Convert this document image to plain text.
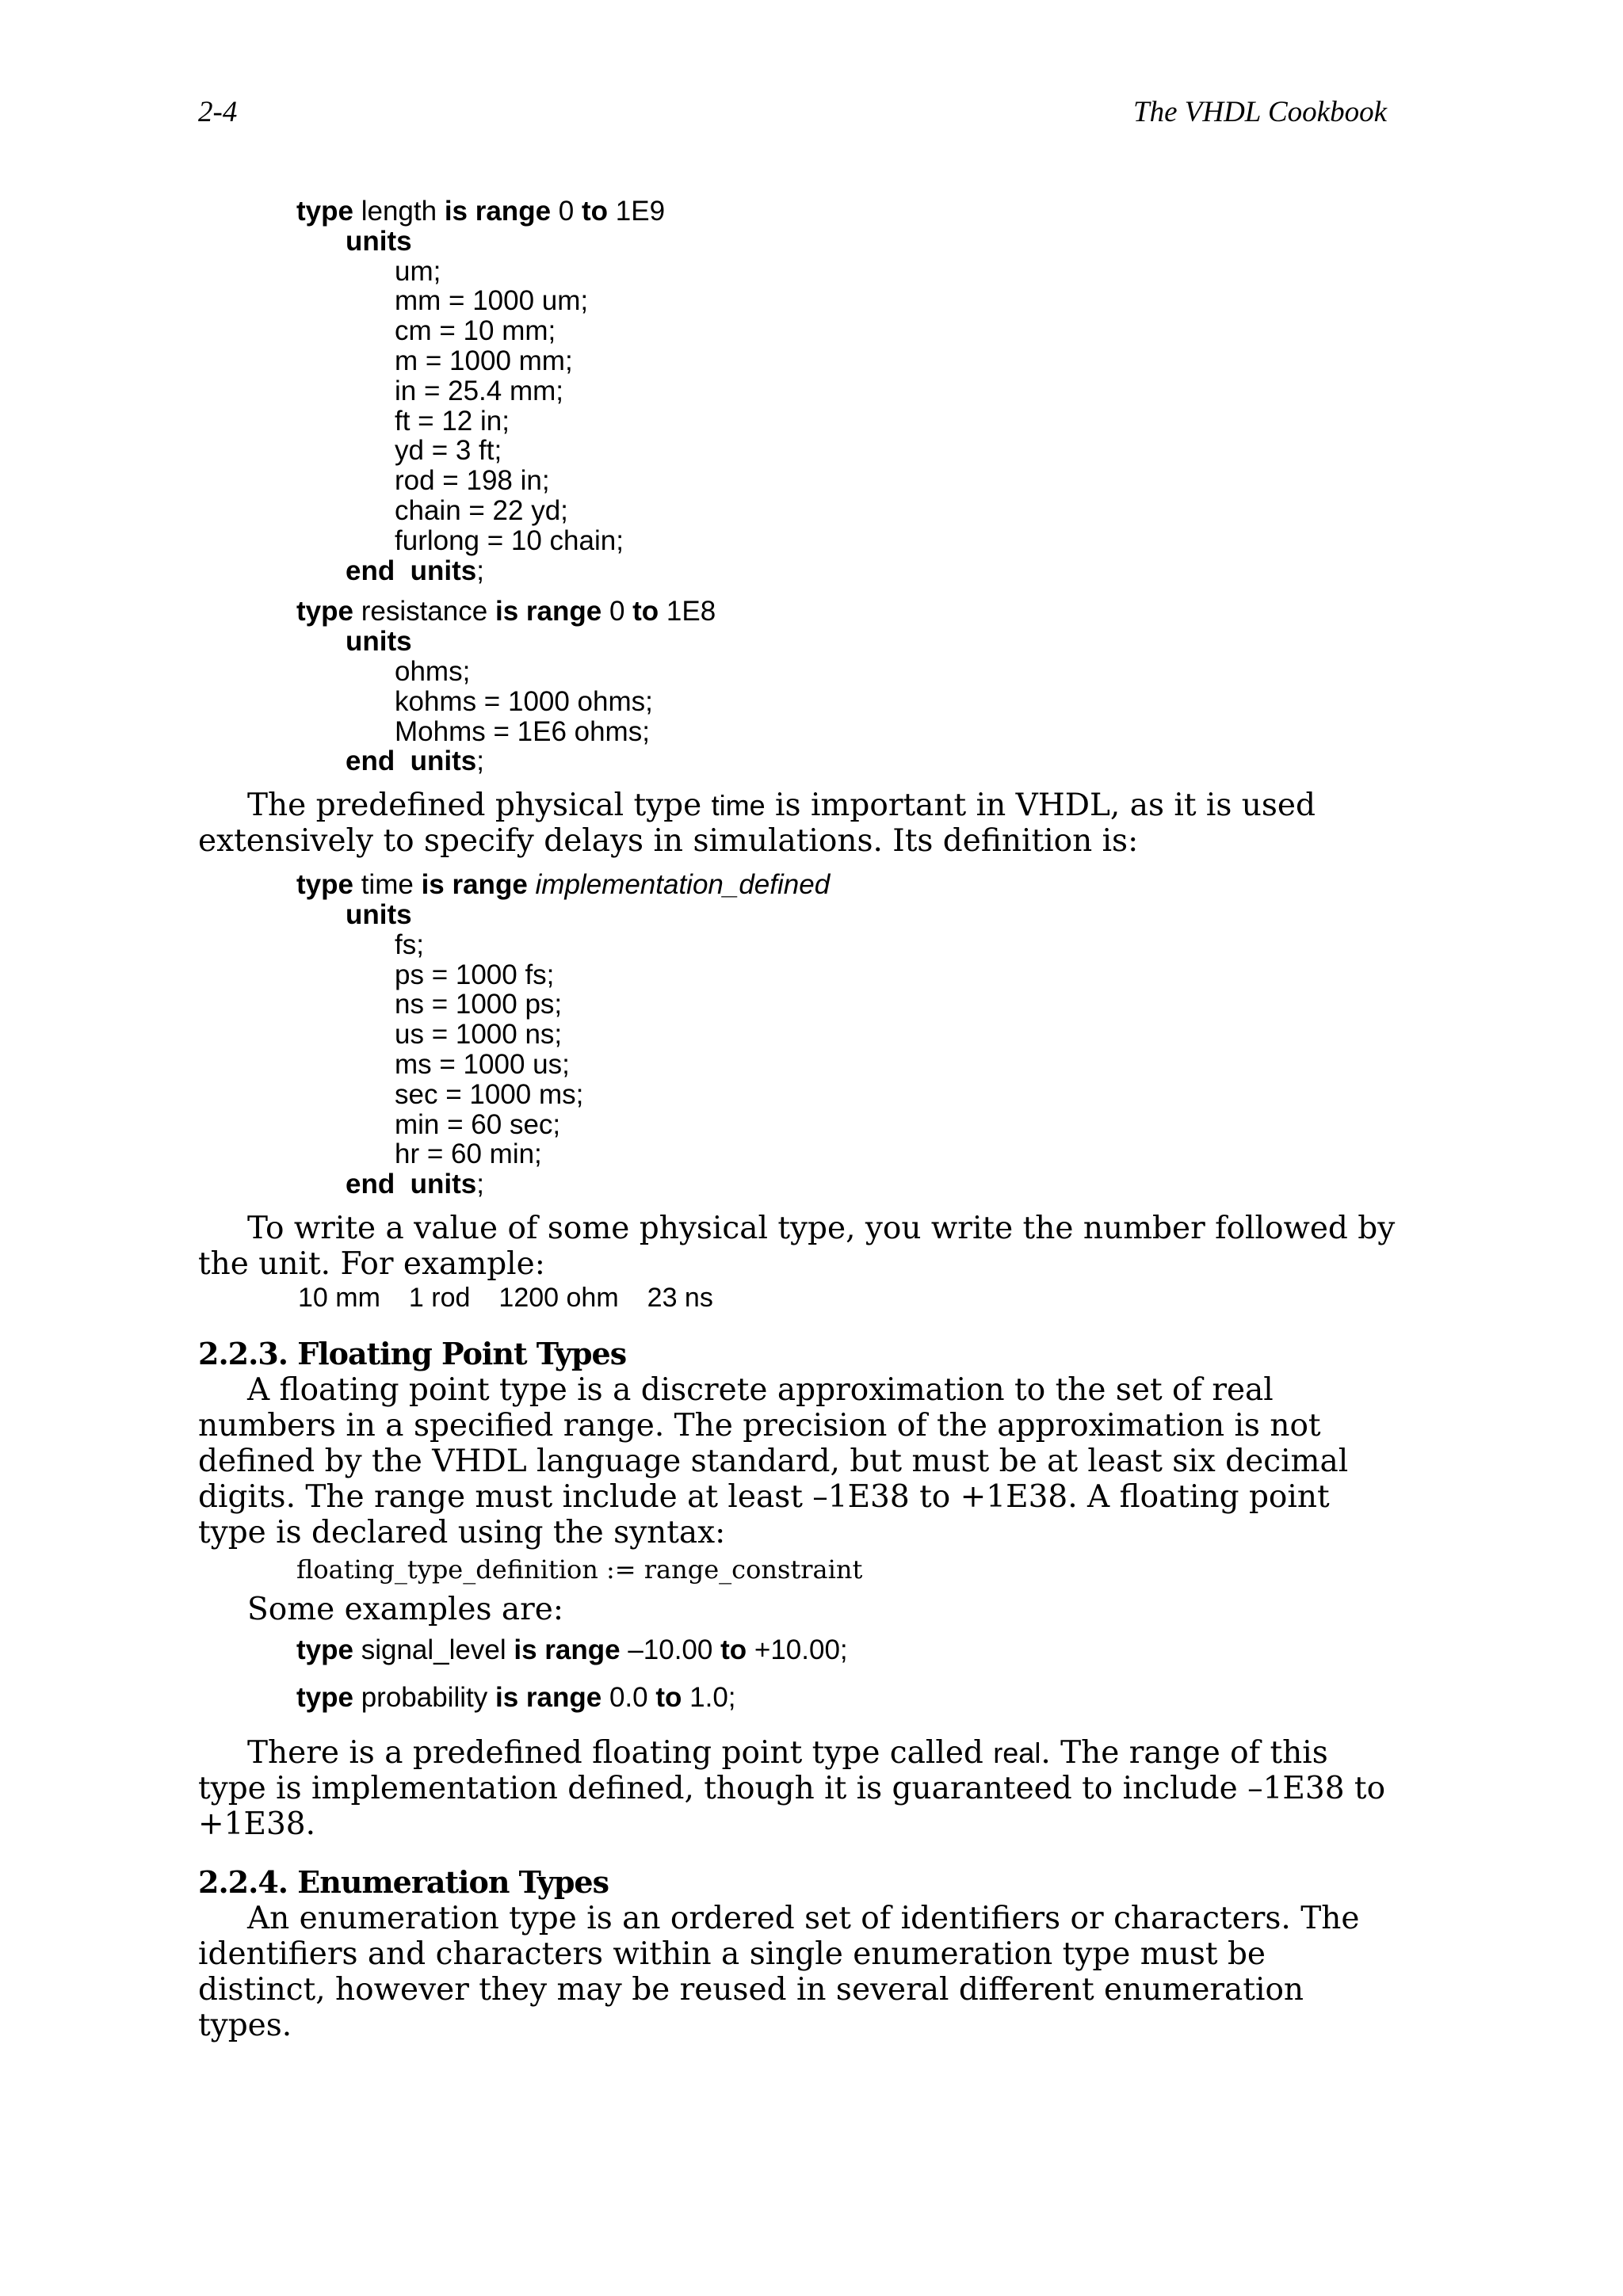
2-4	The VHDL Cookbook
type length is range 0 to 1E9
units
um;
mm = 1000 um;
cm = 10 mm;
m = 1000 mm;
in = 25.4 mm;
ft = 12 in;
yd = 3 ft;
rod = 198 in;
chain = 22 yd;
furlong = 10 chain;
end  units;
type resistance is range 0 to 1E8
units
ohms;
kohms = 1000 ohms;
Mohms = 1E6 ohms;
end  units;
The predefined physical type time is important in VHDL, as it is used
extensively to specify delays in simulations. Its definition is:
type time is range implementation_defined
units
fs;
ps = 1000 fs;
ns = 1000 ps;
us = 1000 ns;
ms = 1000 us;
sec = 1000 ms;
min = 60 sec;
hr = 60 min;
end  units;
To write a value of some physical type, you write the number followed by
the unit. For example:
10 mm 1 rod 1200 ohm 23 ns
2.2.3. Floating Point Types
A floating point type is a discrete approximation to the set of real
numbers in a specified range. The precision of the approximation is not
defined by the VHDL language standard, but must be at least six decimal
digits. The range must include at least –1E38 to +1E38. A floating point
type is declared using the syntax:
floating_type_definition := range_constraint
Some examples are:
type signal_level is range –10.00 to +10.00;
type probability is range 0.0 to 1.0;
There is a predefined floating point type called real. The range of this
type is implementation defined, though it is guaranteed to include –1E38 to
+1E38.
2.2.4. Enumeration Types
An enumeration type is an ordered set of identifiers or characters. The
identifiers and characters within a single enumeration type must be
distinct, however they may be reused in several different enumeration
types.
